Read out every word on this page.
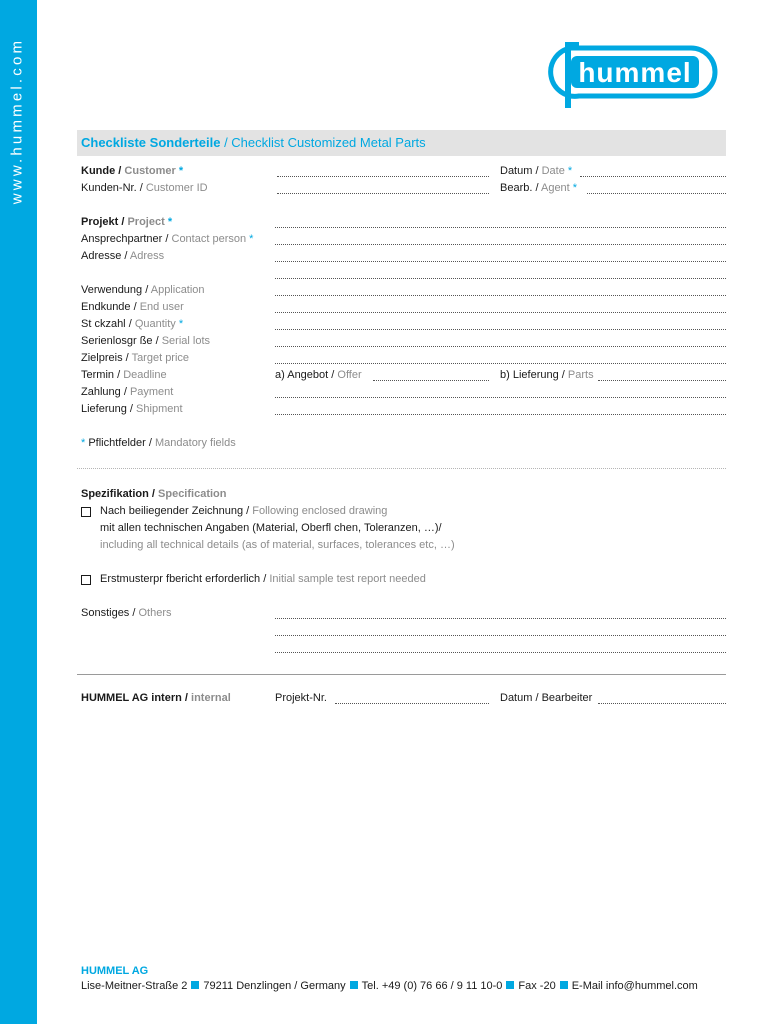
www.hummel.com	hummel
Checkliste Sonderteile / Checklist Customized Metal Parts
Kunde / Customer *	Datum / Date *
Kunden-Nr. / Customer ID	Bearb. / Agent *
Projekt / Project *
Ansprechpartner / Contact person *
Adresse / Adress
Verwendung / Application
Endkunde / End user
St ckzahl / Quantity *
Serienlosgr ße / Serial lots
Zielpreis / Target price
Termin / Deadline	a) Angebot / Offer	b) Lieferung / Parts
Zahlung / Payment
Lieferung / Shipment
* Pflichtfelder / Mandatory fields
Spezifikation / Specification
Nach beiliegender Zeichnung / Following enclosed drawing
mit allen technischen Angaben (Material, Oberfl chen, Toleranzen, …)/
including all technical details (as of material, surfaces, tolerances etc, …)
Erstmusterpr fbericht erforderlich / Initial sample test report needed
Sonstiges / Others
HUMMEL AG intern / internal	Projekt-Nr.	Datum / Bearbeiter
HUMMEL AG
Lise-Meitner-Straße 2 79211 Denzlingen / Germany Tel. +49 (0) 76 66 / 9 11 10-0 Fax -20 E-Mail info@hummel.com
